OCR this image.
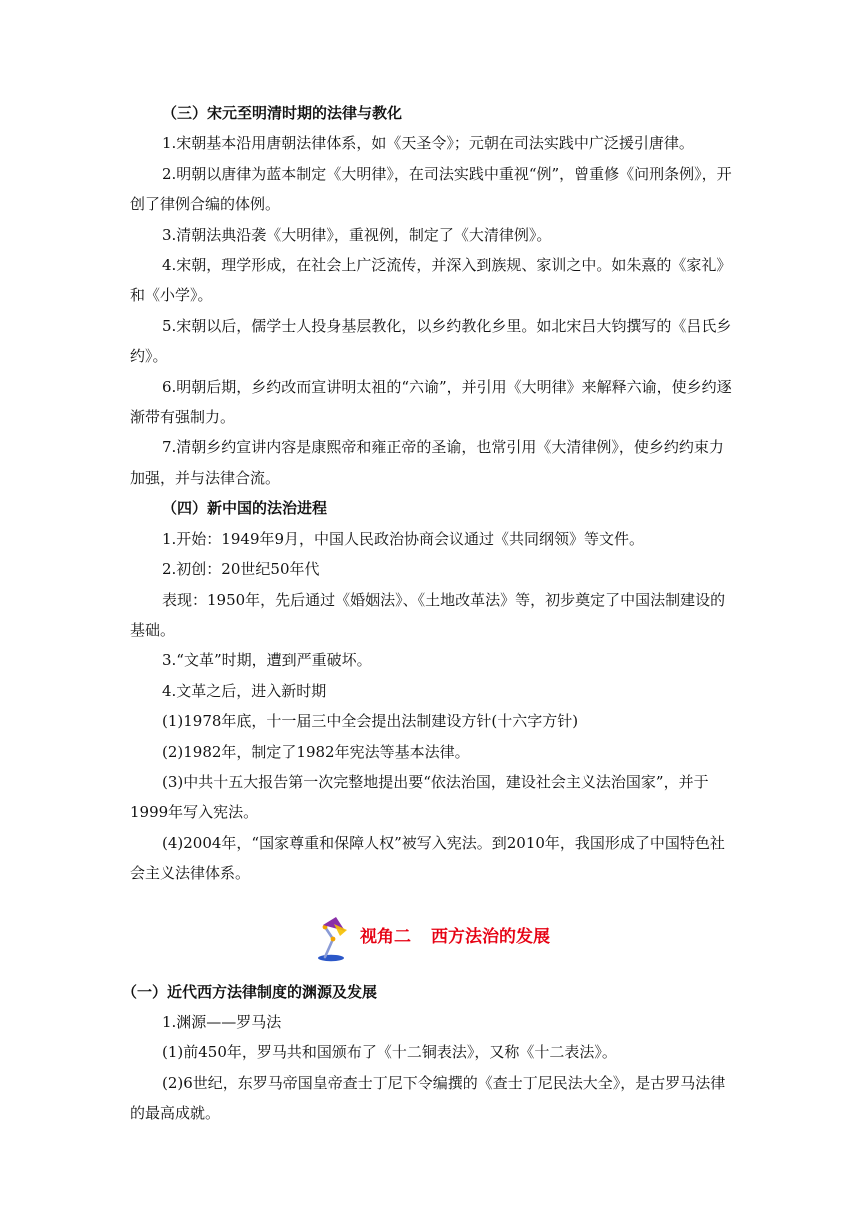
（三）宋元至明清时期的法律与教化

1.宋朝基本沿用唐朝法律体系，如《天圣令》；元朝在司法实践中广泛援引唐律。

2.明朝以唐律为蓝本制定《大明律》，在司法实践中重视“例”，曾重修《问刑条例》，开创了律例合编的体例。

3.清朝法典沿袭《大明律》，重视例，制定了《大清律例》。

4.宋朝，理学形成，在社会上广泛流传，并深入到族规、家训之中。如朱熹的《家礼》和《小学》。

5.宋朝以后，儒学士人投身基层教化，以乡约教化乡里。如北宋吕大钧撰写的《吕氏乡约》。

6.明朝后期，乡约改而宣讲明太祖的“六谕”，并引用《大明律》来解释六谕，使乡约逐渐带有强制力。

7.清朝乡约宣讲内容是康熙帝和雍正帝的圣谕，也常引用《大清律例》，使乡约约束力加强，并与法律合流。

（四）新中国的法治进程

1.开始：1949年9月，中国人民政治协商会议通过《共同纲领》等文件。

2.初创：20世纪50年代

表现：1950年，先后通过《婚姻法》、《土地改革法》等，初步奠定了中国法制建设的基础。

3.“文革”时期，遭到严重破坏。

4.文革之后，进入新时期

(1)1978年底，十一届三中全会提出法制建设方针(十六字方针)

(2)1982年，制定了1982年宪法等基本法律。

(3)中共十五大报告第一次完整地提出要“依法治国，建设社会主义法治国家”，并于1999年写入宪法。

(4)2004年，“国家尊重和保障人权”被写入宪法。到2010年，我国形成了中国特色社会主义法律体系。

视角二 西方法治的发展

（一）近代西方法律制度的渊源及发展

1.渊源——罗马法

(1)前450年，罗马共和国颁布了《十二铜表法》，又称《十二表法》。

(2)6世纪，东罗马帝国皇帝查士丁尼下令编撰的《查士丁尼民法大全》，是古罗马法律的最高成就。
